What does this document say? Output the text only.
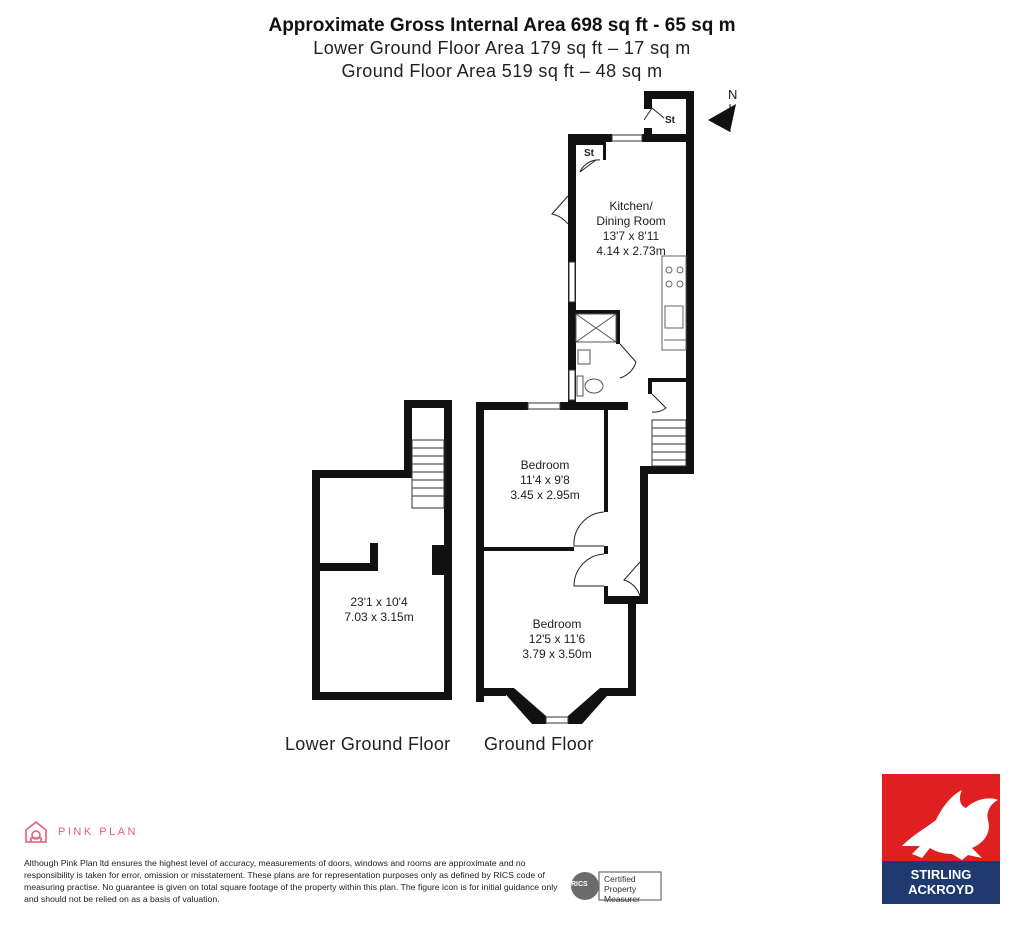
Approximate Gross Internal Area 698 sq ft - 65 sq m
Lower Ground Floor Area 179 sq ft – 17 sq m
Ground Floor Area 519 sq ft – 48 sq m
N
St
St
Kitchen/
Dining Room
13'7 x 8'11
4.14 x 2.73m
Bedroom
11'4 x 9'8
3.45 x 2.95m
Bedroom
12'5 x 11'6
3.79 x 3.50m
23'1 x 10'4
7.03 x 3.15m
Lower Ground Floor Ground Floor
PINK PLAN
Although Pink Plan ltd ensures the highest level of accuracy, measurements of doors, windows and rooms are approximate and no responsibility is taken for error, omission or misstatement. These plans are for representation purposes only as defined by RICS code of measuring practise. No guarantee is given on total square footage of the property within this plan. The figure icon is for initial guidance only and should not be relied on as a basis of valuation.
RICS
Certified
Property
Measurer
STIRLING
ACKROYD
